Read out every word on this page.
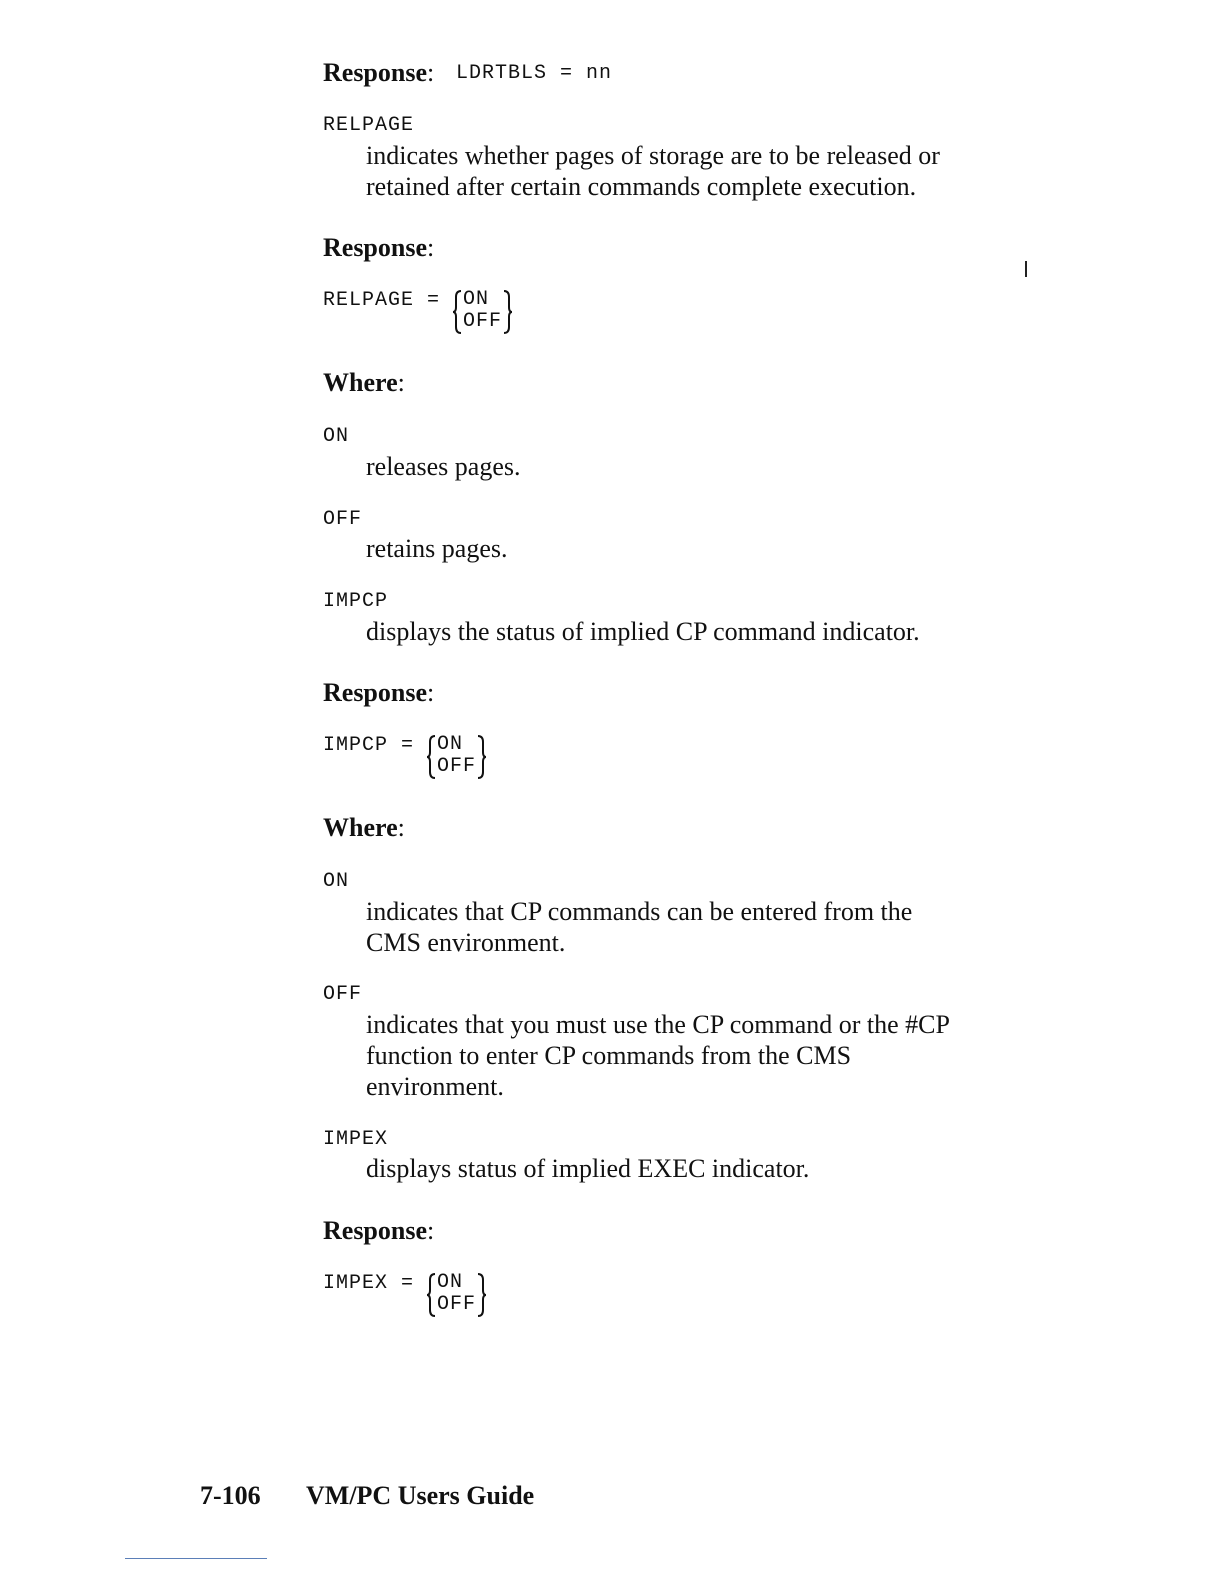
Response: LDRTBLS = nn
RELPAGE
indicates whether pages of storage are to be released or
retained after certain commands complete execution.
Response:
RELPAGE =

ON
OFF

Where:
ON
releases pages.
OFF
retains pages.
IMPCP
displays the status of implied CP command indicator.
Response:
IMPCP =

ON
OFF

Where:
ON
indicates that CP commands can be entered from the
CMS environment.
OFF
indicates that you must use the CP command or the #CP
function to enter CP commands from the CMS
environment.
IMPEX
displays status of implied EXEC indicator.
Response:
IMPEX =

ON
OFF

7-106 VM/PC Users Guide
